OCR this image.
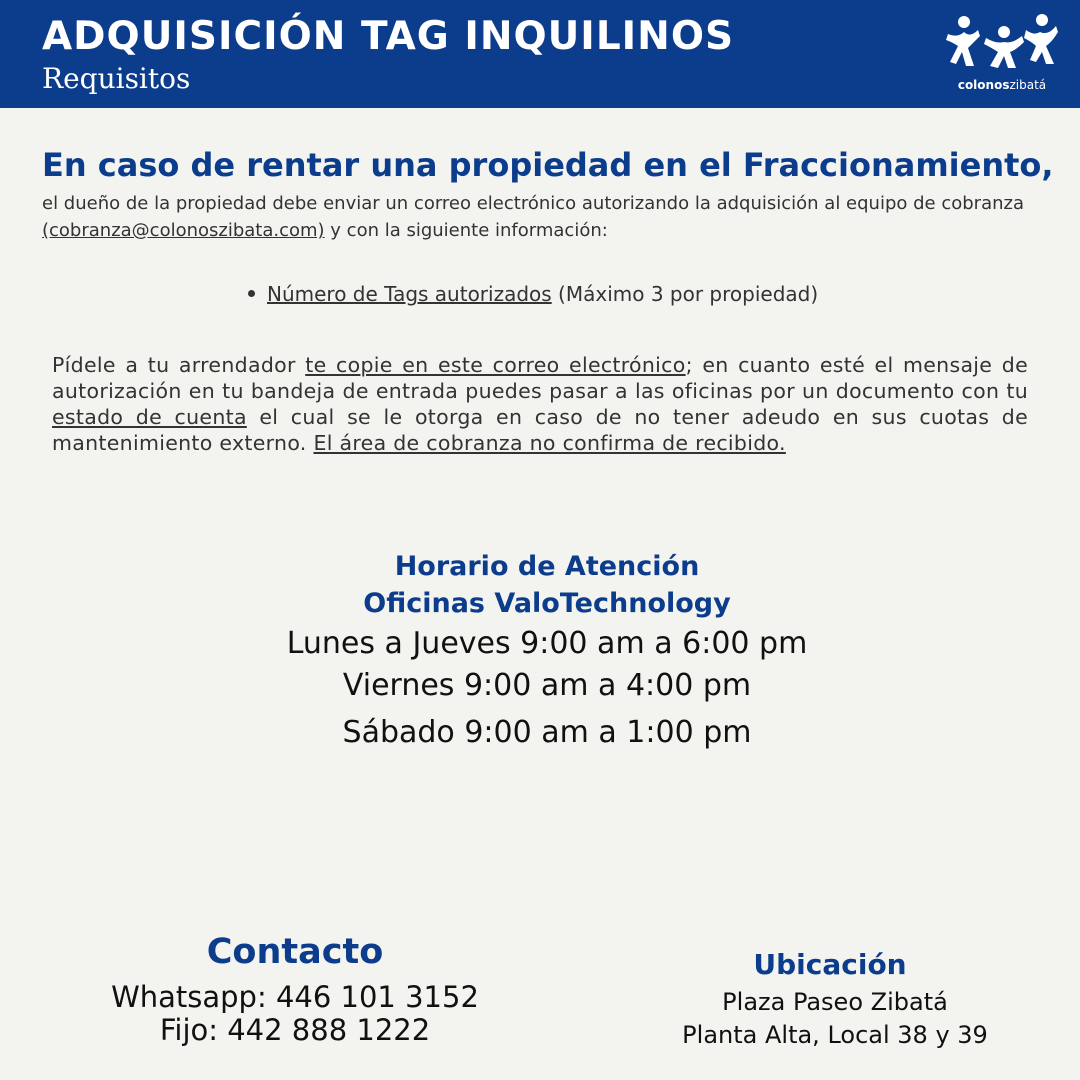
ADQUISICIÓN TAG INQUILINOS
Requisitos	colonoszibatá
En caso de rentar una propiedad en el Fraccionamiento,
el dueño de la propiedad debe enviar un correo electrónico autorizando la adquisición al equipo de cobranza (cobranza@colonoszibata.com) y con la siguiente información:
Número de Tags autorizados (Máximo 3 por propiedad)
Pídele a tu arrendador te copie en este correo electrónico; en cuanto esté el mensaje de autorización en tu bandeja de entrada puedes pasar a las oficinas por un documento con tu estado de cuenta el cual se le otorga en caso de no tener adeudo en sus cuotas de mantenimiento externo. El área de cobranza no confirma de recibido.
Horario de Atención
Oficinas ValoTechnology
Lunes a Jueves 9:00 am a 6:00 pm
Viernes 9:00 am a 4:00 pm
Sábado 9:00 am a 1:00 pm
Contacto
Whatsapp: 446 101 3152
Fijo: 442 888 1222
Ubicación
Plaza Paseo Zibatá
Planta Alta, Local 38 y 39
